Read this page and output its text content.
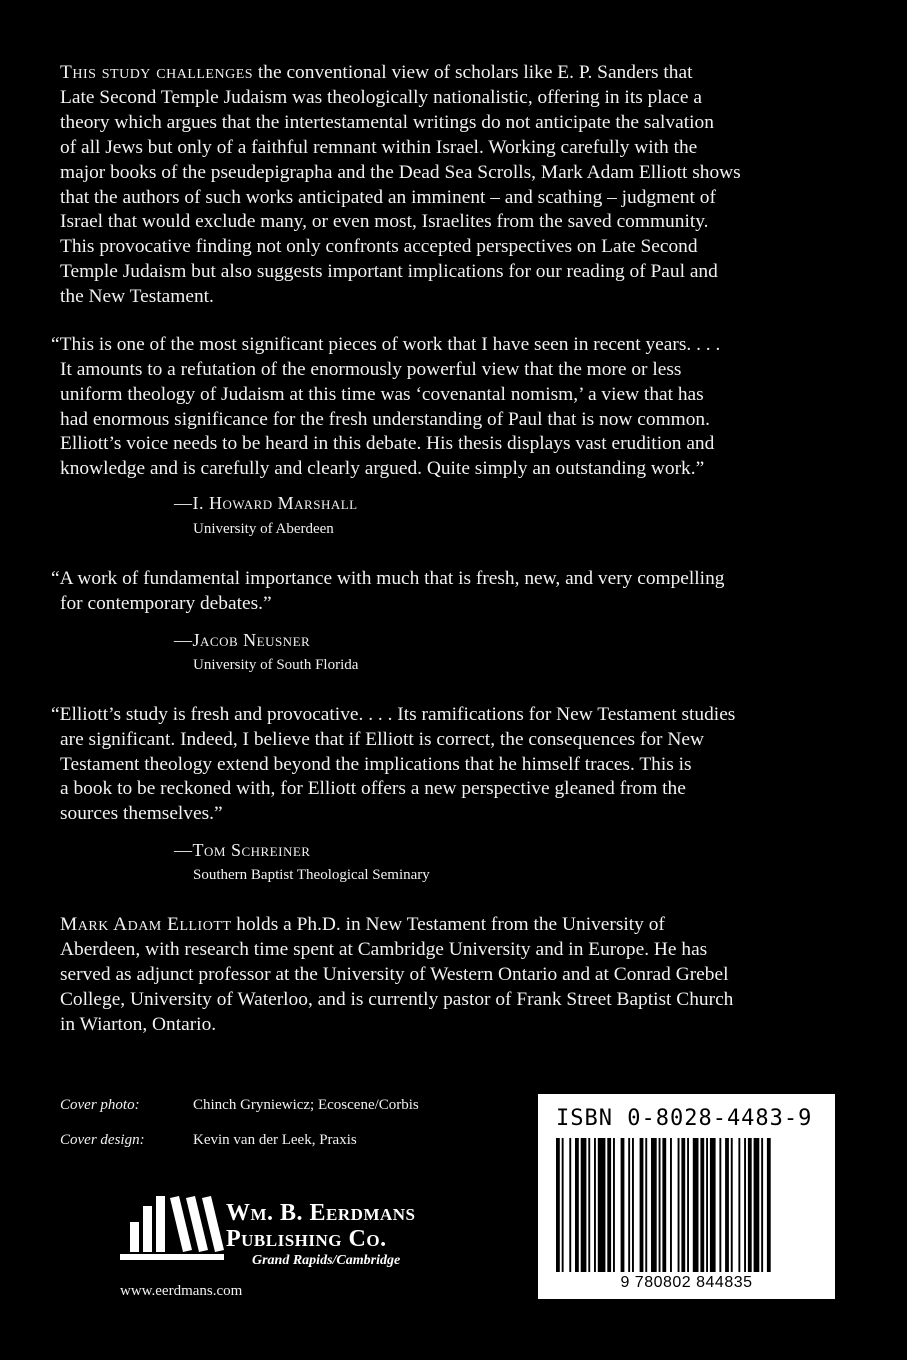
This study challenges the conventional view of scholars like E. P. Sanders that

Late Second Temple Judaism was theologically nationalistic, offering in its place a

theory which argues that the intertestamental writings do not anticipate the salvation

of all Jews but only of a faithful remnant within Israel. Working carefully with the

major books of the pseudepigrapha and the Dead Sea Scrolls, Mark Adam Elliott shows

that the authors of such works anticipated an imminent – and scathing – judgment of

Israel that would exclude many, or even most, Israelites from the saved community.

This provocative finding not only confronts accepted perspectives on Late Second

Temple Judaism but also suggests important implications for our reading of Paul and

the New Testament.

“This is one of the most significant pieces of work that I have seen in recent years. . . .

It amounts to a refutation of the enormously powerful view that the more or less

uniform theology of Judaism at this time was ‘covenantal nomism,’ a view that has

had enormous significance for the fresh understanding of Paul that is now common.

Elliott’s voice needs to be heard in this debate. His thesis displays vast erudition and

knowledge and is carefully and clearly argued. Quite simply an outstanding work.”

—I. Howard Marshall
University of Aberdeen

“A work of fundamental importance with much that is fresh, new, and very compelling

for contemporary debates.”

—Jacob Neusner
University of South Florida

“Elliott’s study is fresh and provocative. . . . Its ramifications for New Testament studies

are significant. Indeed, I believe that if Elliott is correct, the consequences for New

Testament theology extend beyond the implications that he himself traces. This is

a book to be reckoned with, for Elliott offers a new perspective gleaned from the

sources themselves.”

—Tom Schreiner
Southern Baptist Theological Seminary

Mark Adam Elliott holds a Ph.D. in New Testament from the University of

Aberdeen, with research time spent at Cambridge University and in Europe. He has

served as adjunct professor at the University of Western Ontario and at Conrad Grebel

College, University of Waterloo, and is currently pastor of Frank Street Baptist Church

in Wiarton, Ontario.

Cover photo:	Chinch Gryniewicz; Ecoscene/Corbis
Cover design:	Kevin van der Leek, Praxis
Wm. B. Eerdmans
Publishing Co.
Grand Rapids/Cambridge
www.eerdmans.com
ISBN 0-8028-4483-9
9 780802 844835
